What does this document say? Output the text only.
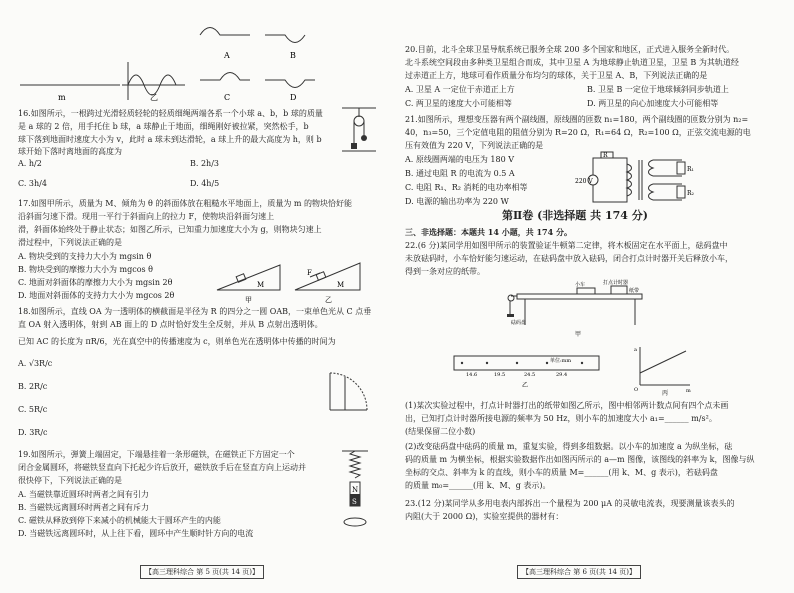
A	B
C	D
m	乙
16.如图所示，一根跨过光滑轻质轻轮的轻质细绳两端各系一个小球 a、b，b 球的质量
是 a 球的 2 倍，用手托住 b 球，a 球静止于地面，细绳刚好被拉紧，突然松手，b
球下落到地面时速度大小为 v，此时 a 球未到达滑轮，a 球上升的最大高度为 h，则 b 球开始下落时离地面的高度为
A. h/2	B. 2h/3
C. 3h/4	D. 4h/5
17.如图甲所示，质量为 M、倾角为 θ 的斜面体放在粗糙水平地面上，质量为 m 的物块恰好能
沿斜面匀速下滑。现用一平行于斜面向上的拉力 F，使物块沿斜面匀速上
滑，斜面体始终处于静止状态；如图乙所示，已知重力加速度大小为 g，则物块匀速上
滑过程中，下列说法正确的是
A. 物块受到的支持力大小为 mgsin θ
B. 物块受到的摩擦力大小为 mgcos θ
C. 地面对斜面体的摩擦力大小为 mgsin 2θ
D. 地面对斜面体的支持力大小为 mgcos 2θ
M
甲
F
M
乙
18.如图所示，直线 OA 为一透明体的横截面是半径为 R 的四分之一圆 OAB，一束单色光从 C 点垂
直 OA 射入透明体，射到 AB 面上的 D 点时恰好发生全反射，并从 B 点射出透明体。
已知 AC 的长度为 πR/6，光在真空中的传播速度为 c，则单色光在透明体中传播的时间为
A. √3R/c
B. 2R/c
C. 5R/c
D. 3R/c
19.如图所示，弹簧上端固定，下端悬挂着一条形磁铁，在磁铁正下方固定一个
闭合金属圆环，将磁铁竖直向下托起少许后放开，磁铁放手后在竖直方向上运动并
很快停下，下列说法正确的是
A. 当磁铁靠近圆环时两者之间有引力
B. 当磁铁远离圆环时两者之间有斥力
C. 磁铁从释放到停下来减小的机械能大于圆环产生的内能
D. 当磁铁远离圆环时，从上往下看，圆环中产生顺时针方向的电流
N
S
【高三理科综合 第 5 页(共 14 页)】
20.目前，北斗全球卫星导航系统已服务全球 200 多个国家和地区，正式进入服务全新时代。
北斗系统空间段由多种类卫星组合而成，其中卫星 A 为地球静止轨道卫星，卫星 B 为其轨道经
过赤道正上方，地球可看作质量分布均匀的球体，关于卫星 A、B，下列说法正确的是
A. 卫星 A 一定位于赤道正上方	B. 卫星 B 一定位于地球倾斜同步轨道上
C. 两卫星的速度大小可能相等	D. 两卫星的向心加速度大小可能相等
21.如图所示，理想变压器有两个副线圈，原线圈的匝数 n₁=180，两个副线圈的匝数分别为 n₂=
40，n₃=50，三个定值电阻的阻值分别为 R=20 Ω，R₁=64 Ω，R₂=100 Ω，正弦交流电源的电
压有效值为 220 V，下列说法正确的是
A. 原线圈两端的电压为 180 V
B. 通过电阻 R 的电流为 0.5 A
C. 电阻 R₁、R₂ 消耗的电功率相等
D. 电源的输出功率为 220 W
R
220 V
R₁
R₂
第Ⅱ卷 (非选择题 共 174 分)
三、非选择题：本题共 14 小题，共 174 分。
22.(6 分)某同学用如图甲所示的装置验证牛顿第二定律，将木板固定在水平面上，砝码盘中
未放砝码时，小车恰好能匀速运动，在砝码盘中放入砝码，闭合打点计时器开关后释放小车，
得到一条对应的纸带。
小车	打点计时器
纸带
砝码盘
甲
14.6	19.5	24.5	29.4
单位:mm
乙
a
m
O	丙
(1)某次实验过程中，打点计时器打出的纸带如图乙所示，图中相邻两计数点间有四个点未画
出，已知打点计时器所接电源的频率为 50 Hz，则小车的加速度大小 a₁=______ m/s²。
(结果保留二位小数)
(2)改变砝码盘中砝码的质量 m，重复实验，得到多组数据。以小车的加速度 a 为纵坐标，砝
码的质量 m 为横坐标，根据实验数据作出如图丙所示的 a—m 图像，该图线的斜率为 k，图像与纵
坐标的交点、斜率为 k 的直线，则小车的质量 M=______(用 k、M、g 表示)，若砝码盘
的质量 m₀=______(用 k、M、g 表示)。
23.(12 分)某同学从多用电表内部拆出一个量程为 200 μA 的灵敏电流表，现要测量该表头的
内阻(大于 2000 Ω)，实验室提供的器材有：
【高三理科综合 第 6 页(共 14 页)】
